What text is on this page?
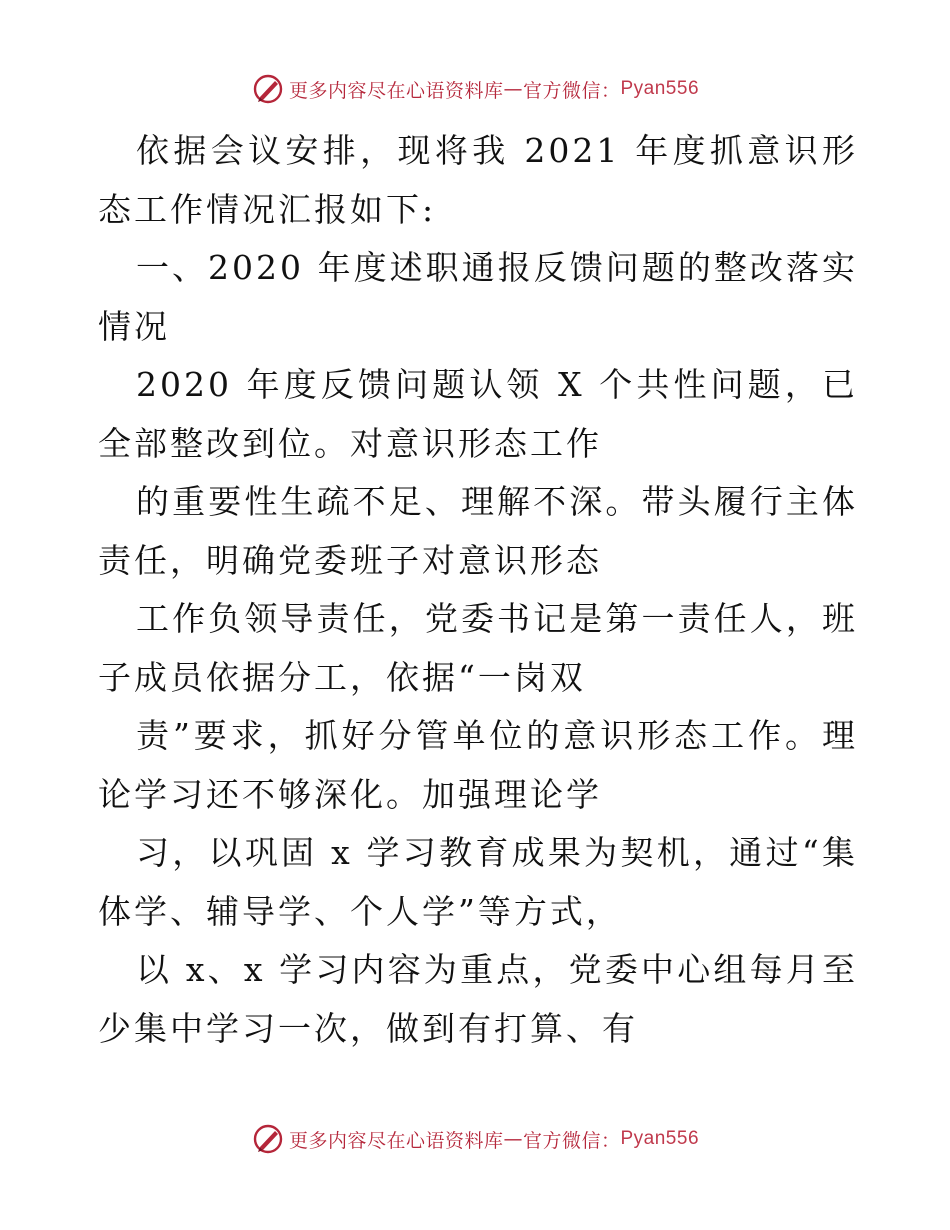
更多内容尽在心语资料库 — 官方微信： Pyan556

依据会议安排，现将我 2021 年度抓意识形态工作情况汇报如下:

一、2020 年度述职通报反馈问题的整改落实情况

2020 年度反馈问题认领 X 个共性问题，已全部整改到位。对意识形态工作

的重要性生疏不足、理解不深。带头履行主体责任，明确党委班子对意识形态

工作负领导责任，党委书记是第一责任人，班子成员依据分工，依据“一岗双

责”要求，抓好分管单位的意识形态工作。理论学习还不够深化。加强理论学

习，以巩固 x 学习教育成果为契机，通过“集体学、辅导学、个人学”等方式，

以 x、x 学习内容为重点，党委中心组每月至少集中学习一次，做到有打算、有

更多内容尽在心语资料库 — 官方微信： Pyan556
